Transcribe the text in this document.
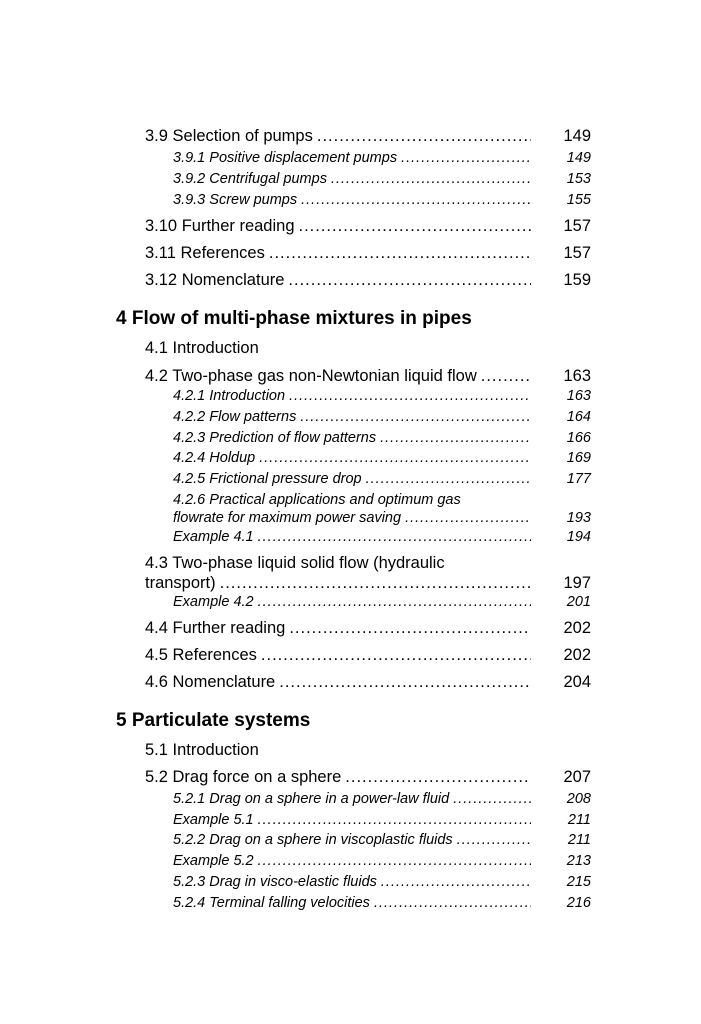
3.9 Selection of pumps .....	149
3.9.1 Positive displacement pumps .....	149
3.9.2 Centrifugal pumps .....	153
3.9.3 Screw pumps .....	155
3.10 Further reading .....	157
3.11 References .....	157
3.12 Nomenclature .....	159
4 Flow of multi-phase mixtures in pipes
4.1 Introduction
4.2 Two-phase gas non-Newtonian liquid flow .....	163
4.2.1 Introduction .....	163
4.2.2 Flow patterns .....	164
4.2.3 Prediction of flow patterns .....	166
4.2.4 Holdup .....	169
4.2.5 Frictional pressure drop .....	177
4.2.6 Practical applications and optimum gas
flowrate for maximum power saving .....	193
Example 4.1 .....	194
4.3 Two-phase liquid solid flow (hydraulic
transport) .....	197
Example 4.2 .....	201
4.4 Further reading .....	202
4.5 References .....	202
4.6 Nomenclature .....	204
5 Particulate systems
5.1 Introduction
5.2 Drag force on a sphere .....	207
5.2.1 Drag on a sphere in a power-law fluid .....	208
Example 5.1 .....	211
5.2.2 Drag on a sphere in viscoplastic fluids .....	211
Example 5.2 .....	213
5.2.3 Drag in visco-elastic fluids .....	215
5.2.4 Terminal falling velocities .....	216
